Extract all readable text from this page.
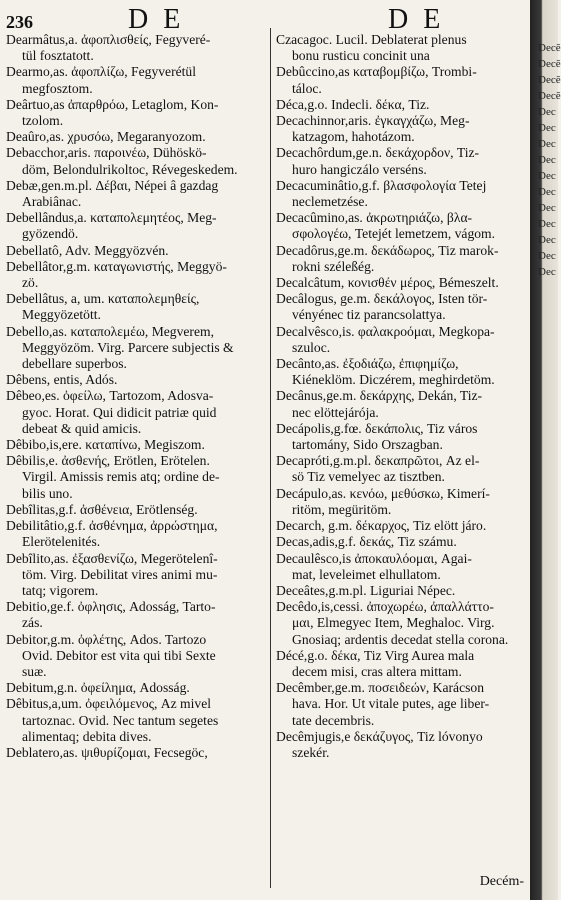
236	D E	D E
Dearmâtus,a. ἀφοπλισθείς, Fegyveré-
tül fosztatott.
Dearmo,as. ἀφοπλίζω, Fegyverétül
megfosztom.
Deârtuo,as ἀπαρθρόω, Letaglom, Kon-
tzolom.
Deaûro,as. χρυσόω, Megaranyozom.
Debacchor,aris. παροινέω, Dühöskö-
döm, Belondulrikoltoc, Révegeskedem.
Debæ,gen.m.pl. Δέβαι, Népei â gazdag
Arabiânac.
Debellândus,a. καταπολεμητέος, Meg-
gyözendö.
Debellatô, Adv. Meggyözvén.
Debellâtor,g.m. καταγωνιστής, Meggyö-
zö.
Debellâtus, a, um. καταπολεμηθείς,
Meggyözetött.
Debello,as. καταπολεμέω, Megverem,
Meggyözöm. Virg. Parcere subjectis &
debellare superbos.
Dêbens, entis, Adós.
Dêbeo,es. ὀφείλω, Tartozom, Adosva-
gyoc. Horat. Qui didicit patriæ quid
debeat & quid amicis.
Dêbibo,is,ere. καταπίνω, Megiszom.
Dêbilis,e. ἀσθενής, Erötlen, Erötelen.
Virgil. Amissis remis atq; ordine de-
bilis uno.
Debîlitas,g.f. ἀσθένεια, Erötlenség.
Debilitâtio,g.f. ἀσθένημα, ἀρρώστημα,
Elerötelenités.
Debîlito,as. ἐξασθενίζω, Megerötelenî-
töm. Virg. Debilitat vires animi mu-
tatq; vigorem.
Debitio,ge.f. ὀφλησις, Adosság, Tarto-
zás.
Debitor,g.m. ὀφλέτης, Ados. Tartozo
Ovid. Debitor est vita qui tibi Sexte
suæ.
Debitum,g.n. ὀφείλημα, Adosság.
Dêbitus,a,um. ὀφειλόμενος, Az mivel
tartoznac. Ovid. Nec tantum segetes
alimentaq; debita dives.
Deblatero,as. ψιθυρίζομαι, Fecsegöc,
Czacagoc. Lucil. Deblaterat plenus
bonu rusticu concinit una
Debûccino,as καταβομβίζω, Trombi-
táloc.
Déca,g.o. Indecli. δέκα, Tiz.
Decachinnor,aris. ἐγκαγχάζω, Meg-
katzagom, hahotázom.
Decachôrdum,ge.n. δεκάχορδον, Tiz-
huro hangiczálo verséns.
Decacuminâtio,g.f. βλασφολογία Tetej
neclemetzése.
Decacûmino,as. ἀκρωτηριάζω, βλα-
σφολογέω, Tetejét lemetzem, vágom.
Decadôrus,ge.m. δεκάδωρος, Tiz marok-
rokni széleßég.
Decalcâtum, κονισθέν μέρος, Bémeszelt.
Decâlogus, ge.m. δεκάλογος, Isten tör-
vényénec tiz parancsolattya.
Decalvêsco,is. φαλακροόμαι, Megkopa-
szuloc.
Decânto,as. ἐξοδιάζω, ἐπιφημίζω,
Kiéneklöm. Diczérem, meghirdetöm.
Decânus,ge.m. δεκάρχης, Dekán, Tiz-
nec elöttejárója.
Decápolis,g.fœ. δεκάπολις, Tiz város
tartomány, Sido Orszagban.
Decapróti,g.m.pl. δεκαπρῶτοι, Az el-
sö Tiz vemelyec az tisztben.
Decápulo,as. κενόω, μεθύσκω, Kimerí-
ritöm, megüritöm.
Decarch, g.m. δέκαρχος, Tiz elött járo.
Decas,adis,g.f. δεκάς, Tiz számu.
Decaulêsco,is ἀποκαυλόομαι, Agai-
mat, leveleimet elhullatom.
Deceâtes,g.m.pl. Liguriai Népec.
Decêdo,is,cessi. ἀποχωρέω, ἀπαλλάττο-
μαι, Elmegyec Item, Meghaloc. Virg.
Gnosiaq; ardentis decedat stella corona.
Décé,g.o. δέκα, Tiz Virg Aurea mala
decem misi, cras altera mittam.
Decêmber,ge.m. ποσειδεών, Karácson
hava. Hor. Ut vitale putes, age liber-
tate decembris.
Decêmjugis,e δεκάζυγος, Tiz lóvonyo
szekér.
Decém-
Decẽ
Decẽ
Decẽ
Decẽ
Dec
Dec
Dec
Dec
Dec
Dec
Dec
Dec
Dec
Dec
Dec
